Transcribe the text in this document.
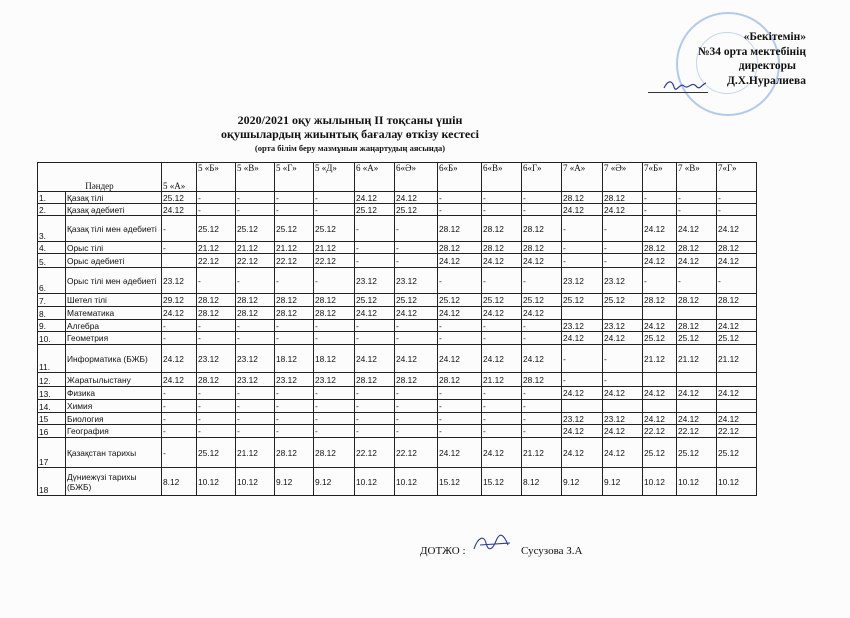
«Бекітемін»
№34 орта мектебінің
директоры
Д.Х.Нуралиева
2020/2021 оқу жылының II тоқсаны үшін
оқушылардың жиынтық бағалау өткізу кестесі
(орта білім беру мазмұнын жаңартудың аясында)
Пәндер		5 «А»	5 «Б»	5 «В»	5 «Г»	5 «Д»	6 «А»	6«Ә»	6«Б»	6«В»	6«Г»	7 «А»	7 «Ә»	7«Б»	7 «В»	7«Г»
1.	Қазақ тілі	25.12	-	-	-	-	24.12	24.12	-	-	-	28.12	28.12	-	-	-
2.	Қазақ әдебиеті	24.12	-	-	-	-	25.12	25.12	-	-	-	24.12	24.12	-	-	-
3.	Қазақ тілі мен әдебиеті	-	25.12	25.12	25.12	25.12	-	-	28.12	28.12	28.12	-	-	24.12	24.12	24.12
4.	Орыс тілі	-	21.12	21.12	21.12	21.12	-	-	28.12	28.12	28.12	-	-	28.12	28.12	28.12
5.	Орыс әдебиеті		22.12	22.12	22.12	22.12	-	-	24.12	24.12	24.12	-	-	24.12	24.12	24.12
6.	Орыс тілі мен әдебиеті	23.12	-	-	-	-	23.12	23.12	-	-	-	23.12	23.12	-	-	-
7.	Шетел тілі	29.12	28.12	28.12	28.12	28.12	25.12	25.12	25.12	25.12	25.12	25.12	25.12	28.12	28.12	28.12
8.	Математика	24.12	28.12	28.12	28.12	28.12	24.12	24.12	24.12	24.12	24.12					
9.	Алгебра	-	-	-	-	-	-	-	-	-	-	23.12	23.12	24.12	28.12	24.12
10.	Геометрия	-	-	-	-	-	-	-	-	-	-	24.12	24.12	25.12	25.12	25.12
11.	Информатика (БЖБ)	24.12	23.12	23.12	18.12	18.12	24.12	24.12	24.12	24.12	24.12	-	-	21.12	21.12	21.12
12.	Жаратылыстану	24.12	28.12	23.12	23.12	23.12	28.12	28.12	28.12	21.12	28.12	-	-			
13.	Физика	-	-	-	-	-	-	-	-	-	-	24.12	24.12	24.12	24.12	24.12
14.	Химия	-	-	-	-	-	-	-	-	-	-					
15	Биология	-	-	-	-	-	-	-	-	-	-	23.12	23.12	24.12	24.12	24.12
16	География	-	-	-	-	-	-	-	-	-	-	24.12	24.12	22.12	22.12	22.12
17	Қазақстан тарихы	-	25.12	21.12	28.12	28.12	22.12	22.12	24.12	24.12	21.12	24.12	24.12	25.12	25.12	25.12
18	Дүниежүзі тарихы (БЖБ)	8.12	10.12	10.12	9.12	9.12	10.12	10.12	15.12	15.12	8.12	9.12	9.12	10.12	10.12	10.12
ДОТЖО :	Сусузова З.А
